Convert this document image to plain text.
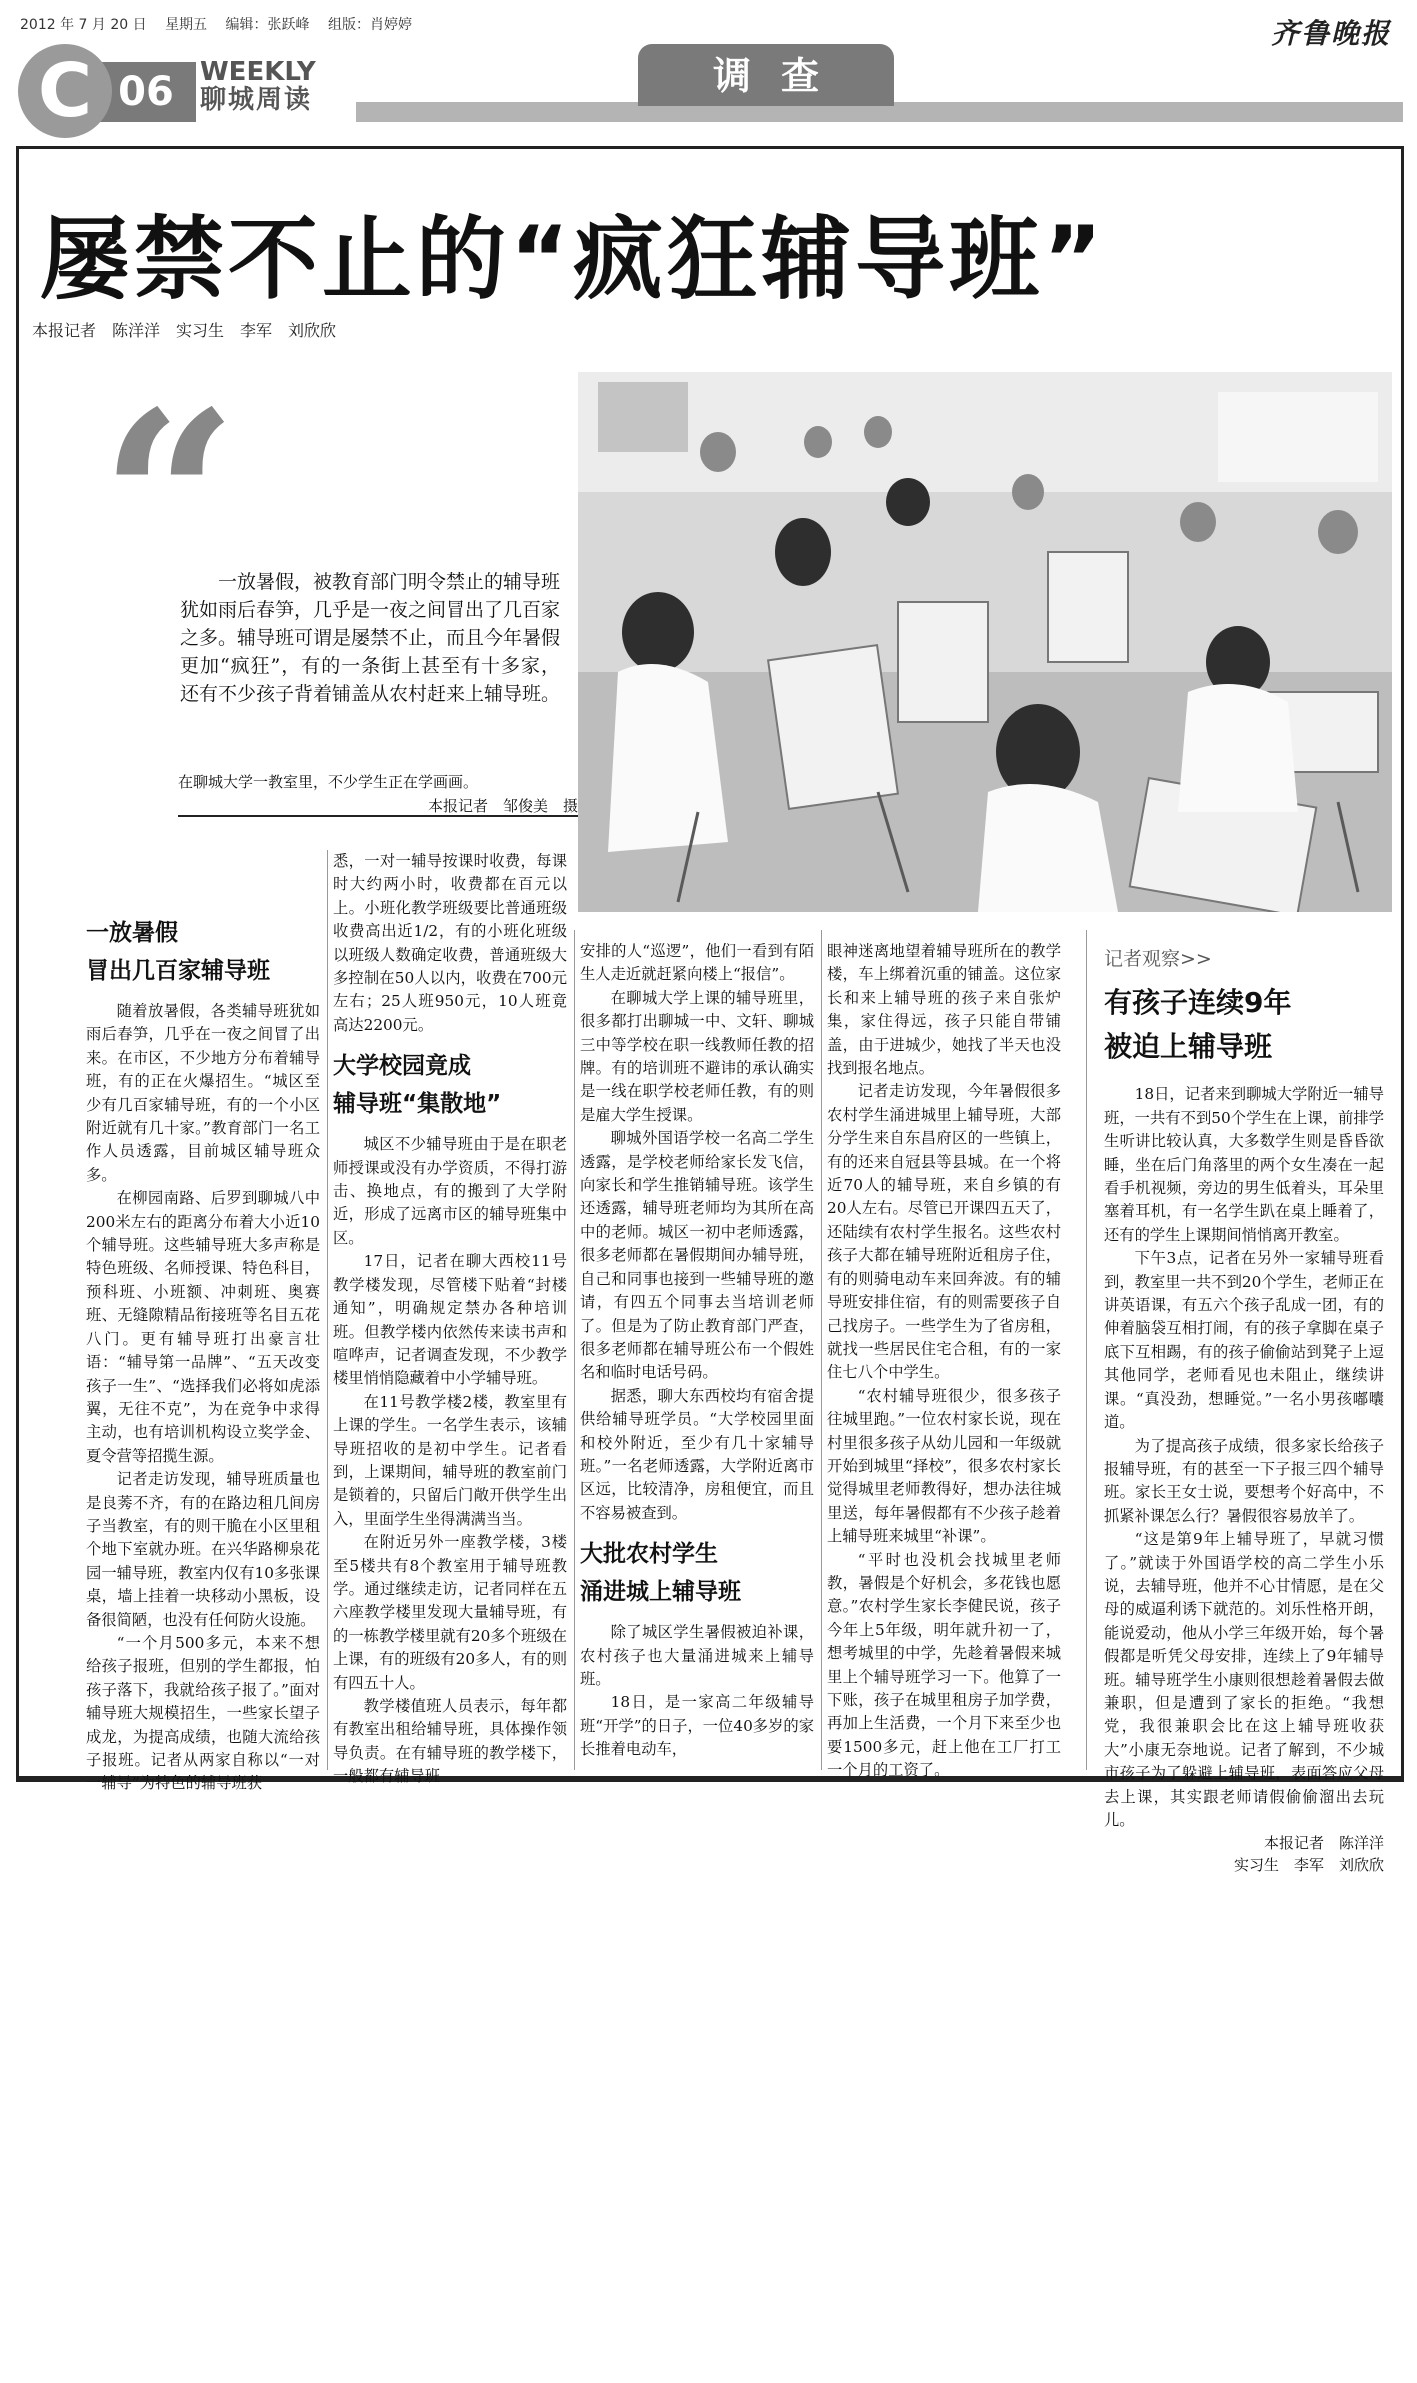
2012 年 7 月 20 日 星期五 编辑：张跃峰 组版：肖婷婷	齐鲁晚报
06
C	WEEKLY
聊城周读
调查
屡禁不止的“疯狂辅导班”
本报记者　陈洋洋　实习生　李军　刘欣欣
“

一放暑假，被教育部门明令禁止的辅导班犹如雨后春笋，几乎是一夜之间冒出了几百家之多。辅导班可谓是屡禁不止，而且今年暑假更加“疯狂”，有的一条街上甚至有十多家，还有不少孩子背着铺盖从农村赶来上辅导班。

在聊城大学一教室里，不少学生正在学画画。
本报记者　邹俊美　摄
一放暑假
冒出几百家辅导班

随着放暑假，各类辅导班犹如雨后春笋，几乎在一夜之间冒了出来。在市区，不少地方分布着辅导班，有的正在火爆招生。“城区至少有几百家辅导班，有的一个小区附近就有几十家。”教育部门一名工作人员透露，目前城区辅导班众多。

在柳园南路、后罗到聊城八中200米左右的距离分布着大小近10个辅导班。这些辅导班大多声称是特色班级、名师授课、特色科目，预科班、小班额、冲刺班、奥赛班、无缝隙精品衔接班等名目五花八门。更有辅导班打出豪言壮语：“辅导第一品牌”、“五天改变孩子一生”、“选择我们必将如虎添翼，无往不克”，为在竞争中求得主动，也有培训机构设立奖学金、夏令营等招揽生源。

记者走访发现，辅导班质量也是良莠不齐，有的在路边租几间房子当教室，有的则干脆在小区里租个地下室就办班。在兴华路柳泉花园一辅导班，教室内仅有10多张课桌，墙上挂着一块移动小黑板，设备很简陋，也没有任何防火设施。

“一个月500多元，本来不想给孩子报班，但别的学生都报，怕孩子落下，我就给孩子报了。”面对辅导班大规模招生，一些家长望子成龙，为提高成绩，也随大流给孩子报班。记者从两家自称以“一对一辅导”为特色的辅导班获

悉，一对一辅导按课时收费，每课时大约两小时，收费都在百元以上。小班化教学班级要比普通班级收费高出近1/2，有的小班化班级以班级人数确定收费，普通班级大多控制在50人以内，收费在700元左右；25人班950元，10人班竟高达2200元。

大学校园竟成
辅导班“集散地”

城区不少辅导班由于是在职老师授课或没有办学资质，不得打游击、换地点，有的搬到了大学附近，形成了远离市区的辅导班集中区。

17日，记者在聊大西校11号教学楼发现，尽管楼下贴着“封楼通知”，明确规定禁办各种培训班。但教学楼内依然传来读书声和喧哗声，记者调查发现，不少教学楼里悄悄隐藏着中小学辅导班。

在11号教学楼2楼，教室里有上课的学生。一名学生表示，该辅导班招收的是初中学生。记者看到，上课期间，辅导班的教室前门是锁着的，只留后门敞开供学生出入，里面学生坐得满满当当。

在附近另外一座教学楼，3楼至5楼共有8个教室用于辅导班教学。通过继续走访，记者同样在五六座教学楼里发现大量辅导班，有的一栋教学楼里就有20多个班级在上课，有的班级有20多人，有的则有四五十人。

教学楼值班人员表示，每年都有教室出租给辅导班，具体操作领导负责。在有辅导班的教学楼下，一般都有辅导班

安排的人“巡逻”，他们一看到有陌生人走近就赶紧向楼上“报信”。

在聊城大学上课的辅导班里，很多都打出聊城一中、文轩、聊城三中等学校在职一线教师任教的招牌。有的培训班不避讳的承认确实是一线在职学校老师任教，有的则是雇大学生授课。

聊城外国语学校一名高二学生透露，是学校老师给家长发飞信，向家长和学生推销辅导班。该学生还透露，辅导班老师均为其所在高中的老师。城区一初中老师透露，很多老师都在暑假期间办辅导班，自己和同事也接到一些辅导班的邀请，有四五个同事去当培训老师了。但是为了防止教育部门严查，很多老师都在辅导班公布一个假姓名和临时电话号码。

据悉，聊大东西校均有宿舍提供给辅导班学员。“大学校园里面和校外附近，至少有几十家辅导班。”一名老师透露，大学附近离市区远，比较清净，房租便宜，而且不容易被查到。

大批农村学生
涌进城上辅导班

除了城区学生暑假被迫补课，农村孩子也大量涌进城来上辅导班。

18日，是一家高二年级辅导班“开学”的日子，一位40多岁的家长推着电动车，

眼神迷离地望着辅导班所在的教学楼，车上绑着沉重的铺盖。这位家长和来上辅导班的孩子来自张炉集，家住得远，孩子只能自带铺盖，由于进城少，她找了半天也没找到报名地点。

记者走访发现，今年暑假很多农村学生涌进城里上辅导班，大部分学生来自东昌府区的一些镇上，有的还来自冠县等县城。在一个将近70人的辅导班，来自乡镇的有20人左右。尽管已开课四五天了，还陆续有农村学生报名。这些农村孩子大都在辅导班附近租房子住，有的则骑电动车来回奔波。有的辅导班安排住宿，有的则需要孩子自己找房子。一些学生为了省房租，就找一些居民住宅合租，有的一家住七八个中学生。

“农村辅导班很少，很多孩子往城里跑。”一位农村家长说，现在村里很多孩子从幼儿园和一年级就开始到城里“择校”，很多农村家长觉得城里老师教得好，想办法往城里送，每年暑假都有不少孩子趁着上辅导班来城里“补课”。

“平时也没机会找城里老师教，暑假是个好机会，多花钱也愿意。”农村学生家长李健民说，孩子今年上5年级，明年就升初一了，想考城里的中学，先趁着暑假来城里上个辅导班学习一下。他算了一下账，孩子在城里租房子加学费，再加上生活费，一个月下来至少也要1500多元，赶上他在工厂打工一个月的工资了。

记者观察>>
有孩子连续9年
被迫上辅导班

18日，记者来到聊城大学附近一辅导班，一共有不到50个学生在上课，前排学生听讲比较认真，大多数学生则是昏昏欲睡，坐在后门角落里的两个女生凑在一起看手机视频，旁边的男生低着头，耳朵里塞着耳机，有一名学生趴在桌上睡着了，还有的学生上课期间悄悄离开教室。

下午3点，记者在另外一家辅导班看到，教室里一共不到20个学生，老师正在讲英语课，有五六个孩子乱成一团，有的伸着脑袋互相打闹，有的孩子拿脚在桌子底下互相踢，有的孩子偷偷站到凳子上逗其他同学，老师看见也未阻止，继续讲课。“真没劲，想睡觉。”一名小男孩嘟囔道。

为了提高孩子成绩，很多家长给孩子报辅导班，有的甚至一下子报三四个辅导班。家长王女士说，要想考个好高中，不抓紧补课怎么行？暑假很容易放羊了。

“这是第9年上辅导班了，早就习惯了。”就读于外国语学校的高二学生小乐说，去辅导班，他并不心甘情愿，是在父母的威逼利诱下就范的。刘乐性格开朗，能说爱动，他从小学三年级开始，每个暑假都是听凭父母安排，连续上了9年辅导班。辅导班学生小康则很想趁着暑假去做兼职，但是遭到了家长的拒绝。“我想党，我很兼职会比在这上辅导班收获大”小康无奈地说。记者了解到，不少城市孩子为了躲避上辅导班，表面答应父母去上课，其实跟老师请假偷偷溜出去玩儿。

本报记者　陈洋洋
实习生　李军　刘欣欣
